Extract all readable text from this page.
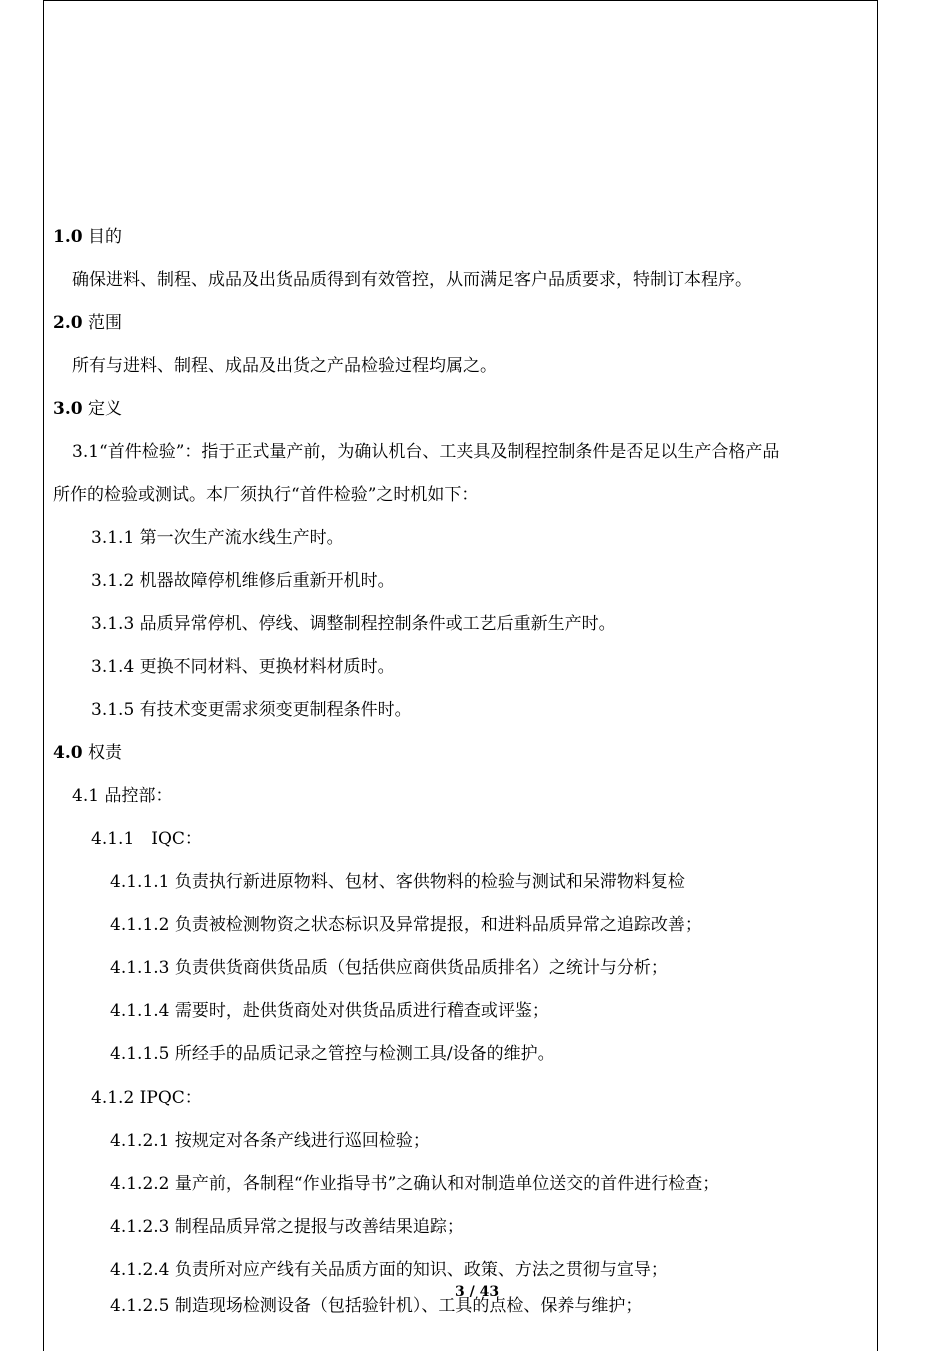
1.0 目的
确保进料、制程、成品及出货品质得到有效管控，从而满足客户品质要求，特制订本程序。
2.0 范围
所有与进料、制程、成品及出货之产品检验过程均属之。
3.0 定义
3.1“首件检验”：指于正式量产前，为确认机台、工夹具及制程控制条件是否足以生产合格产品
所作的检验或测试。本厂须执行“首件检验”之时机如下：
3.1.1 第一次生产流水线生产时。
3.1.2 机器故障停机维修后重新开机时。
3.1.3 品质异常停机、停线、调整制程控制条件或工艺后重新生产时。
3.1.4 更换不同材料、更换材料材质时。
3.1.5 有技术变更需求须变更制程条件时。
4.0 权责
4.1 品控部：
4.1.1　IQC：
4.1.1.1 负责执行新进原物料、包材、客供物料的检验与测试和呆滞物料复检
4.1.1.2 负责被检测物资之状态标识及异常提报，和进料品质异常之追踪改善；
4.1.1.3 负责供货商供货品质（包括供应商供货品质排名）之统计与分析；
4.1.1.4 需要时，赴供货商处对供货品质进行稽查或评鉴；
4.1.1.5 所经手的品质记录之管控与检测工具/设备的维护。
4.1.2 IPQC：
4.1.2.1 按规定对各条产线进行巡回检验；
4.1.2.2 量产前，各制程“作业指导书”之确认和对制造单位送交的首件进行检查；
4.1.2.3 制程品质异常之提报与改善结果追踪；
4.1.2.4 负责所对应产线有关品质方面的知识、政策、方法之贯彻与宣导；
4.1.2.5 制造现场检测设备（包括验针机）、工具的点检、保养与维护；
3 / 43
